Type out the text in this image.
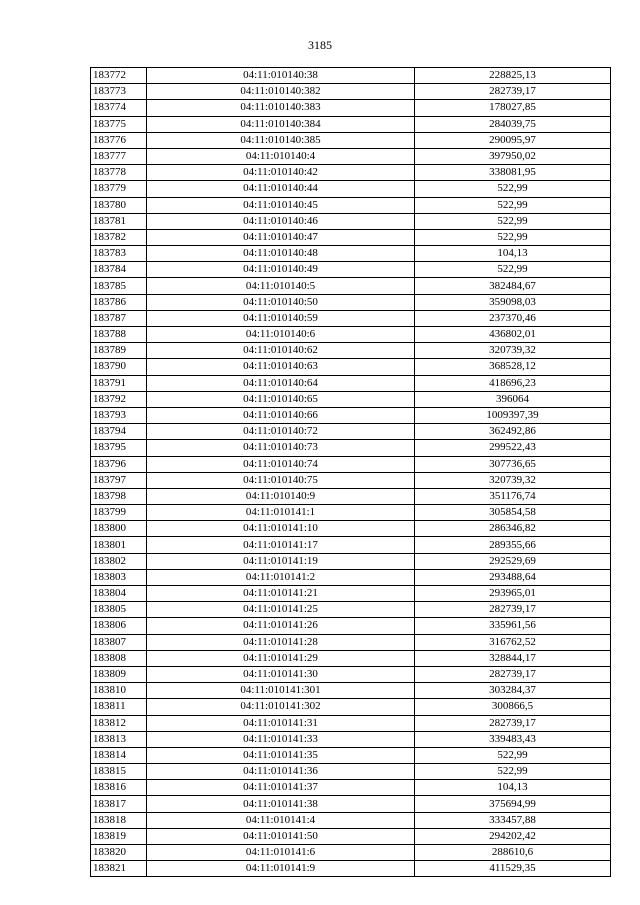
3185
183772	04:11:010140:38	228825,13
183773	04:11:010140:382	282739,17
183774	04:11:010140:383	178027,85
183775	04:11:010140:384	284039,75
183776	04:11:010140:385	290095,97
183777	04:11:010140:4	397950,02
183778	04:11:010140:42	338081,95
183779	04:11:010140:44	522,99
183780	04:11:010140:45	522,99
183781	04:11:010140:46	522,99
183782	04:11:010140:47	522,99
183783	04:11:010140:48	104,13
183784	04:11:010140:49	522,99
183785	04:11:010140:5	382484,67
183786	04:11:010140:50	359098,03
183787	04:11:010140:59	237370,46
183788	04:11:010140:6	436802,01
183789	04:11:010140:62	320739,32
183790	04:11:010140:63	368528,12
183791	04:11:010140:64	418696,23
183792	04:11:010140:65	396064
183793	04:11:010140:66	1009397,39
183794	04:11:010140:72	362492,86
183795	04:11:010140:73	299522,43
183796	04:11:010140:74	307736,65
183797	04:11:010140:75	320739,32
183798	04:11:010140:9	351176,74
183799	04:11:010141:1	305854,58
183800	04:11:010141:10	286346,82
183801	04:11:010141:17	289355,66
183802	04:11:010141:19	292529,69
183803	04:11:010141:2	293488,64
183804	04:11:010141:21	293965,01
183805	04:11:010141:25	282739,17
183806	04:11:010141:26	335961,56
183807	04:11:010141:28	316762,52
183808	04:11:010141:29	328844,17
183809	04:11:010141:30	282739,17
183810	04:11:010141:301	303284,37
183811	04:11:010141:302	300866,5
183812	04:11:010141:31	282739,17
183813	04:11:010141:33	339483,43
183814	04:11:010141:35	522,99
183815	04:11:010141:36	522,99
183816	04:11:010141:37	104,13
183817	04:11:010141:38	375694,99
183818	04:11:010141:4	333457,88
183819	04:11:010141:50	294202,42
183820	04:11:010141:6	288610,6
183821	04:11:010141:9	411529,35
